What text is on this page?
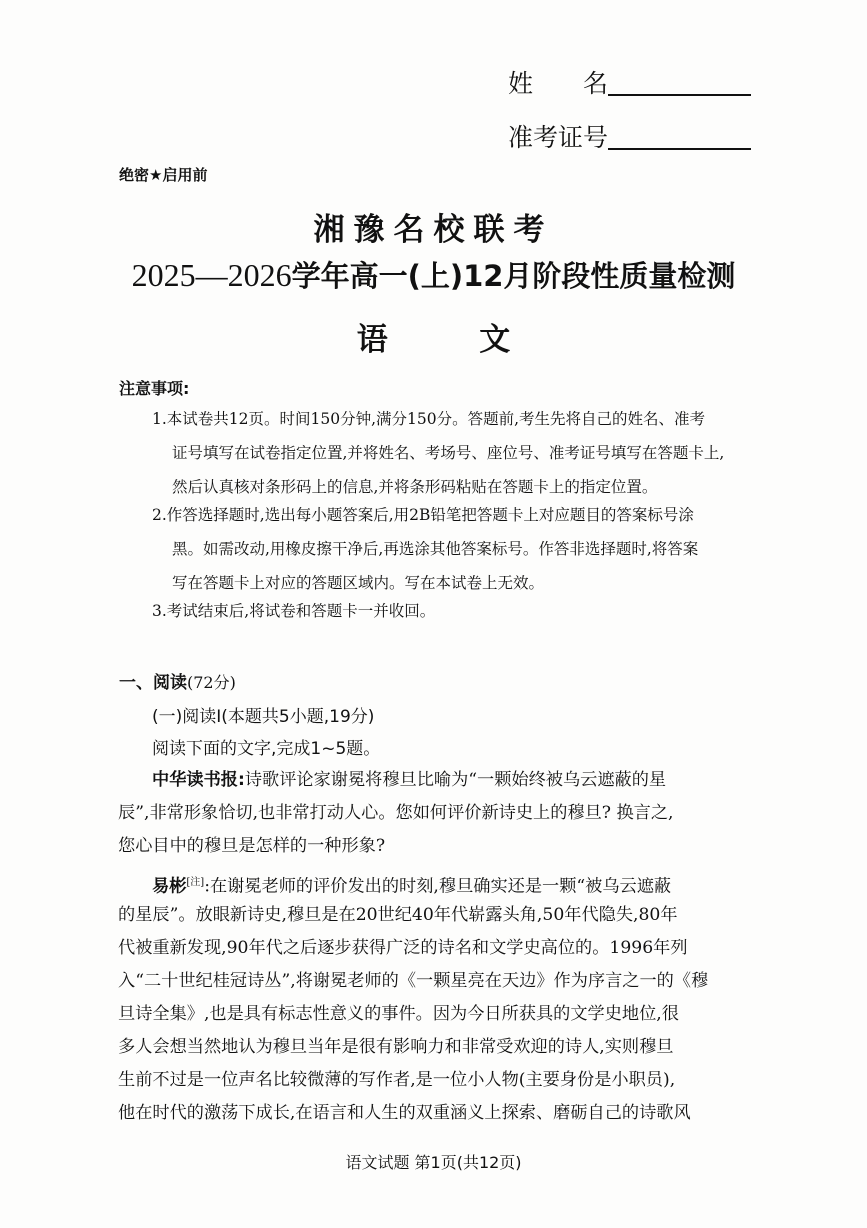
姓　　名
准考证号
绝密★启用前
湘豫名校联考
2025—2026学年高一(上)12月阶段性质量检测
语	文
注意事项:
1.本试卷共12页。时间150分钟,满分150分。答题前,考生先将自己的姓名、准考
证号填写在试卷指定位置,并将姓名、考场号、座位号、准考证号填写在答题卡上,
然后认真核对条形码上的信息,并将条形码粘贴在答题卡上的指定位置。
2.作答选择题时,选出每小题答案后,用2B铅笔把答题卡上对应题目的答案标号涂
黑。如需改动,用橡皮擦干净后,再选涂其他答案标号。作答非选择题时,将答案
写在答题卡上对应的答题区域内。写在本试卷上无效。
3.考试结束后,将试卷和答题卡一并收回。
一、阅读(72分)
(一)阅读Ⅰ(本题共5小题,19分)
阅读下面的文字,完成1~5题。
中华读书报:诗歌评论家谢冕将穆旦比喻为“一颗始终被乌云遮蔽的星
辰”,非常形象恰切,也非常打动人心。您如何评价新诗史上的穆旦? 换言之,
您心目中的穆旦是怎样的一种形象?
易彬[注]:在谢冕老师的评价发出的时刻,穆旦确实还是一颗“被乌云遮蔽
的星辰”。放眼新诗史,穆旦是在20世纪40年代崭露头角,50年代隐失,80年
代被重新发现,90年代之后逐步获得广泛的诗名和文学史高位的。1996年列
入“二十世纪桂冠诗丛”,将谢冕老师的《一颗星亮在天边》作为序言之一的《穆
旦诗全集》,也是具有标志性意义的事件。因为今日所获具的文学史地位,很
多人会想当然地认为穆旦当年是很有影响力和非常受欢迎的诗人,实则穆旦
生前不过是一位声名比较微薄的写作者,是一位小人物(主要身份是小职员),
他在时代的激荡下成长,在语言和人生的双重涵义上探索、磨砺自己的诗歌风
语文试题 第1页(共12页)
